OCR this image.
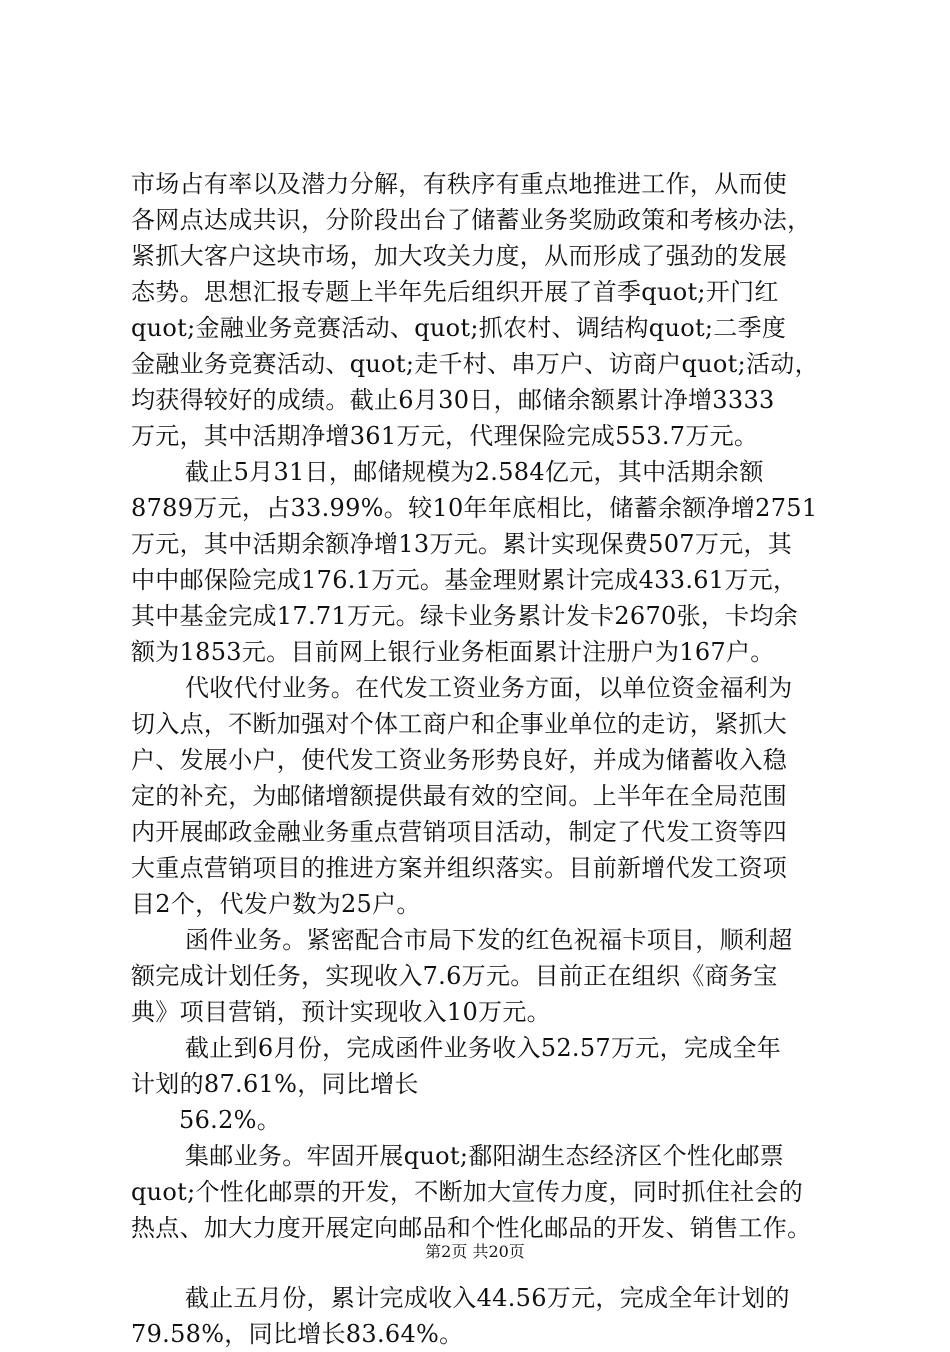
市场占有率以及潜力分解，有秩序有重点地推进工作，从而使
各网点达成共识，分阶段出台了储蓄业务奖励政策和考核办法，
紧抓大客户这块市场，加大攻关力度，从而形成了强劲的发展
态势。思想汇报专题上半年先后组织开展了首季quot;开门红
quot;金融业务竞赛活动、quot;抓农村、调结构quot;二季度
金融业务竞赛活动、quot;走千村、串万户、访商户quot;活动，
均获得较好的成绩。截止6月30日，邮储余额累计净增3333
万元，其中活期净增361万元，代理保险完成553.7万元。
截止5月31日，邮储规模为2.584亿元，其中活期余额
8789万元，占33.99%。较10年年底相比，储蓄余额净增2751
万元，其中活期余额净增13万元。累计实现保费507万元，其
中中邮保险完成176.1万元。基金理财累计完成433.61万元，
其中基金完成17.71万元。绿卡业务累计发卡2670张，卡均余
额为1853元。目前网上银行业务柜面累计注册户为167户。
代收代付业务。在代发工资业务方面，以单位资金福利为
切入点，不断加强对个体工商户和企事业单位的走访，紧抓大
户、发展小户，使代发工资业务形势良好，并成为储蓄收入稳
定的补充，为邮储增额提供最有效的空间。上半年在全局范围
内开展邮政金融业务重点营销项目活动，制定了代发工资等四
大重点营销项目的推进方案并组织落实。目前新增代发工资项
目2个，代发户数为25户。
函件业务。紧密配合市局下发的红色祝福卡项目，顺利超
额完成计划任务，实现收入7.6万元。目前正在组织《商务宝
典》项目营销，预计实现收入10万元。
截止到6月份，完成函件业务收入52.57万元，完成全年
计划的87.61%，同比增长
56.2%。
集邮业务。牢固开展quot;鄱阳湖生态经济区个性化邮票
quot;个性化邮票的开发，不断加大宣传力度，同时抓住社会的
热点、加大力度开展定向邮品和个性化邮品的开发、销售工作。
截止五月份，累计完成收入44.56万元，完成全年计划的
79.58%，同比增长83.64%。
第2页 共20页
